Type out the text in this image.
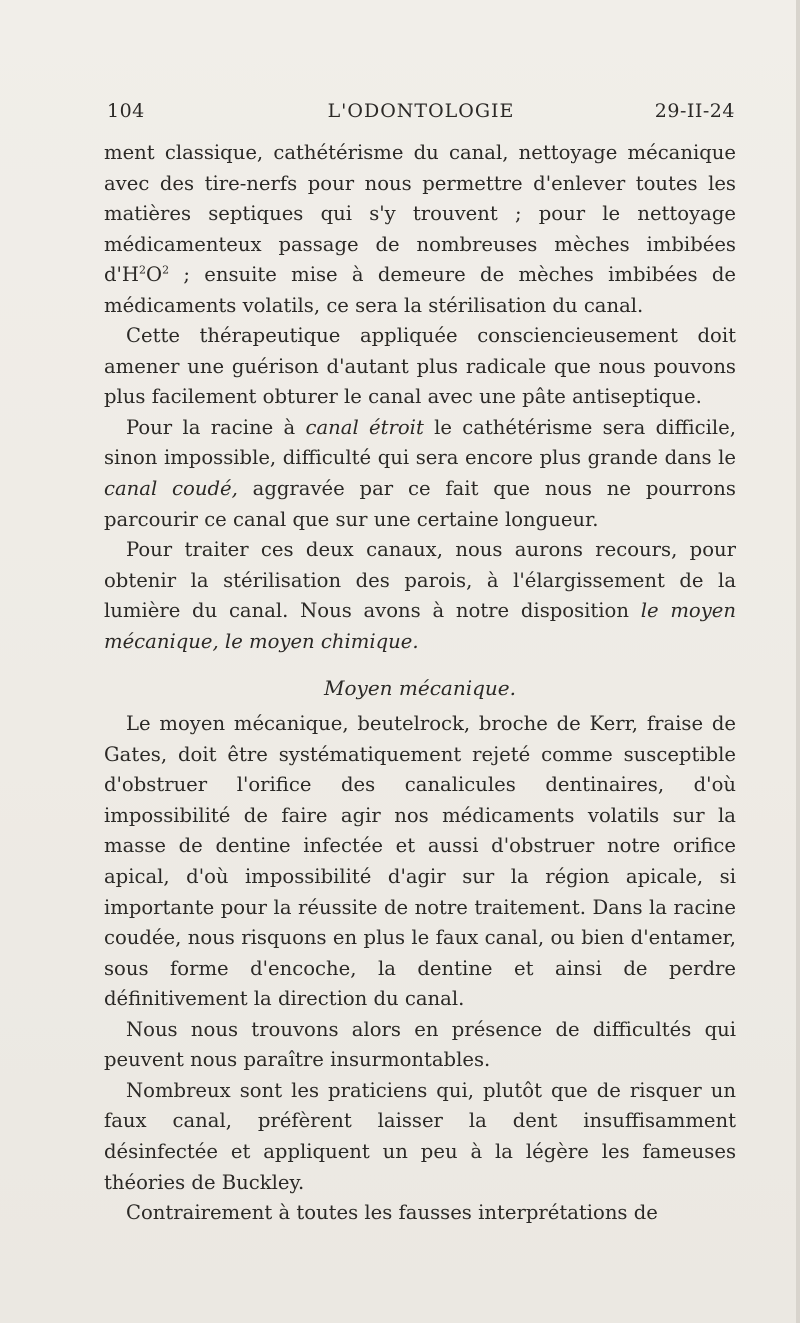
104	L'ODONTOLOGIE	29-II-24

ment classique, cathétérisme du canal, nettoyage mécanique avec des tire-nerfs pour nous permettre d'enlever toutes les matières septiques qui s'y trouvent ; pour le nettoyage médicamenteux passage de nombreuses mèches imbibées $d'H^2O^2$ ; ensuite mise à demeure de mèches imbibées de médicaments volatils, ce sera la stérilisation du canal.

Cette thérapeutique appliquée consciencieusement doit amener une guérison d'autant plus radicale que nous pouvons plus facilement obturer le canal avec une pâte antiseptique.

Pour la racine à canal étroit le cathétérisme sera difficile, sinon impossible, difficulté qui sera encore plus grande dans le canal coudé, aggravée par ce fait que nous ne pourrons parcourir ce canal que sur une certaine longueur.

Pour traiter ces deux canaux, nous aurons recours, pour obtenir la stérilisation des parois, à l'élargissement de la lumière du canal. Nous avons à notre disposition le moyen mécanique, le moyen chimique.

Moyen mécanique.

Le moyen mécanique, beutelrock, broche de Kerr, fraise de Gates, doit être systématiquement rejeté comme susceptible d'obstruer l'orifice des canalicules dentinaires, d'où impossibilité de faire agir nos médicaments volatils sur la masse de dentine infectée et aussi d'obstruer notre orifice apical, d'où impossibilité d'agir sur la région apicale, si importante pour la réussite de notre traitement. Dans la racine coudée, nous risquons en plus le faux canal, ou bien d'entamer, sous forme d'encoche, la dentine et ainsi de perdre définitivement la direction du canal.

Nous nous trouvons alors en présence de difficultés qui peuvent nous paraître insurmontables.

Nombreux sont les praticiens qui, plutôt que de risquer un faux canal, préfèrent laisser la dent insuffisamment désinfectée et appliquent un peu à la légère les fameuses théories de Buckley.

Contrairement à toutes les fausses interprétations de
